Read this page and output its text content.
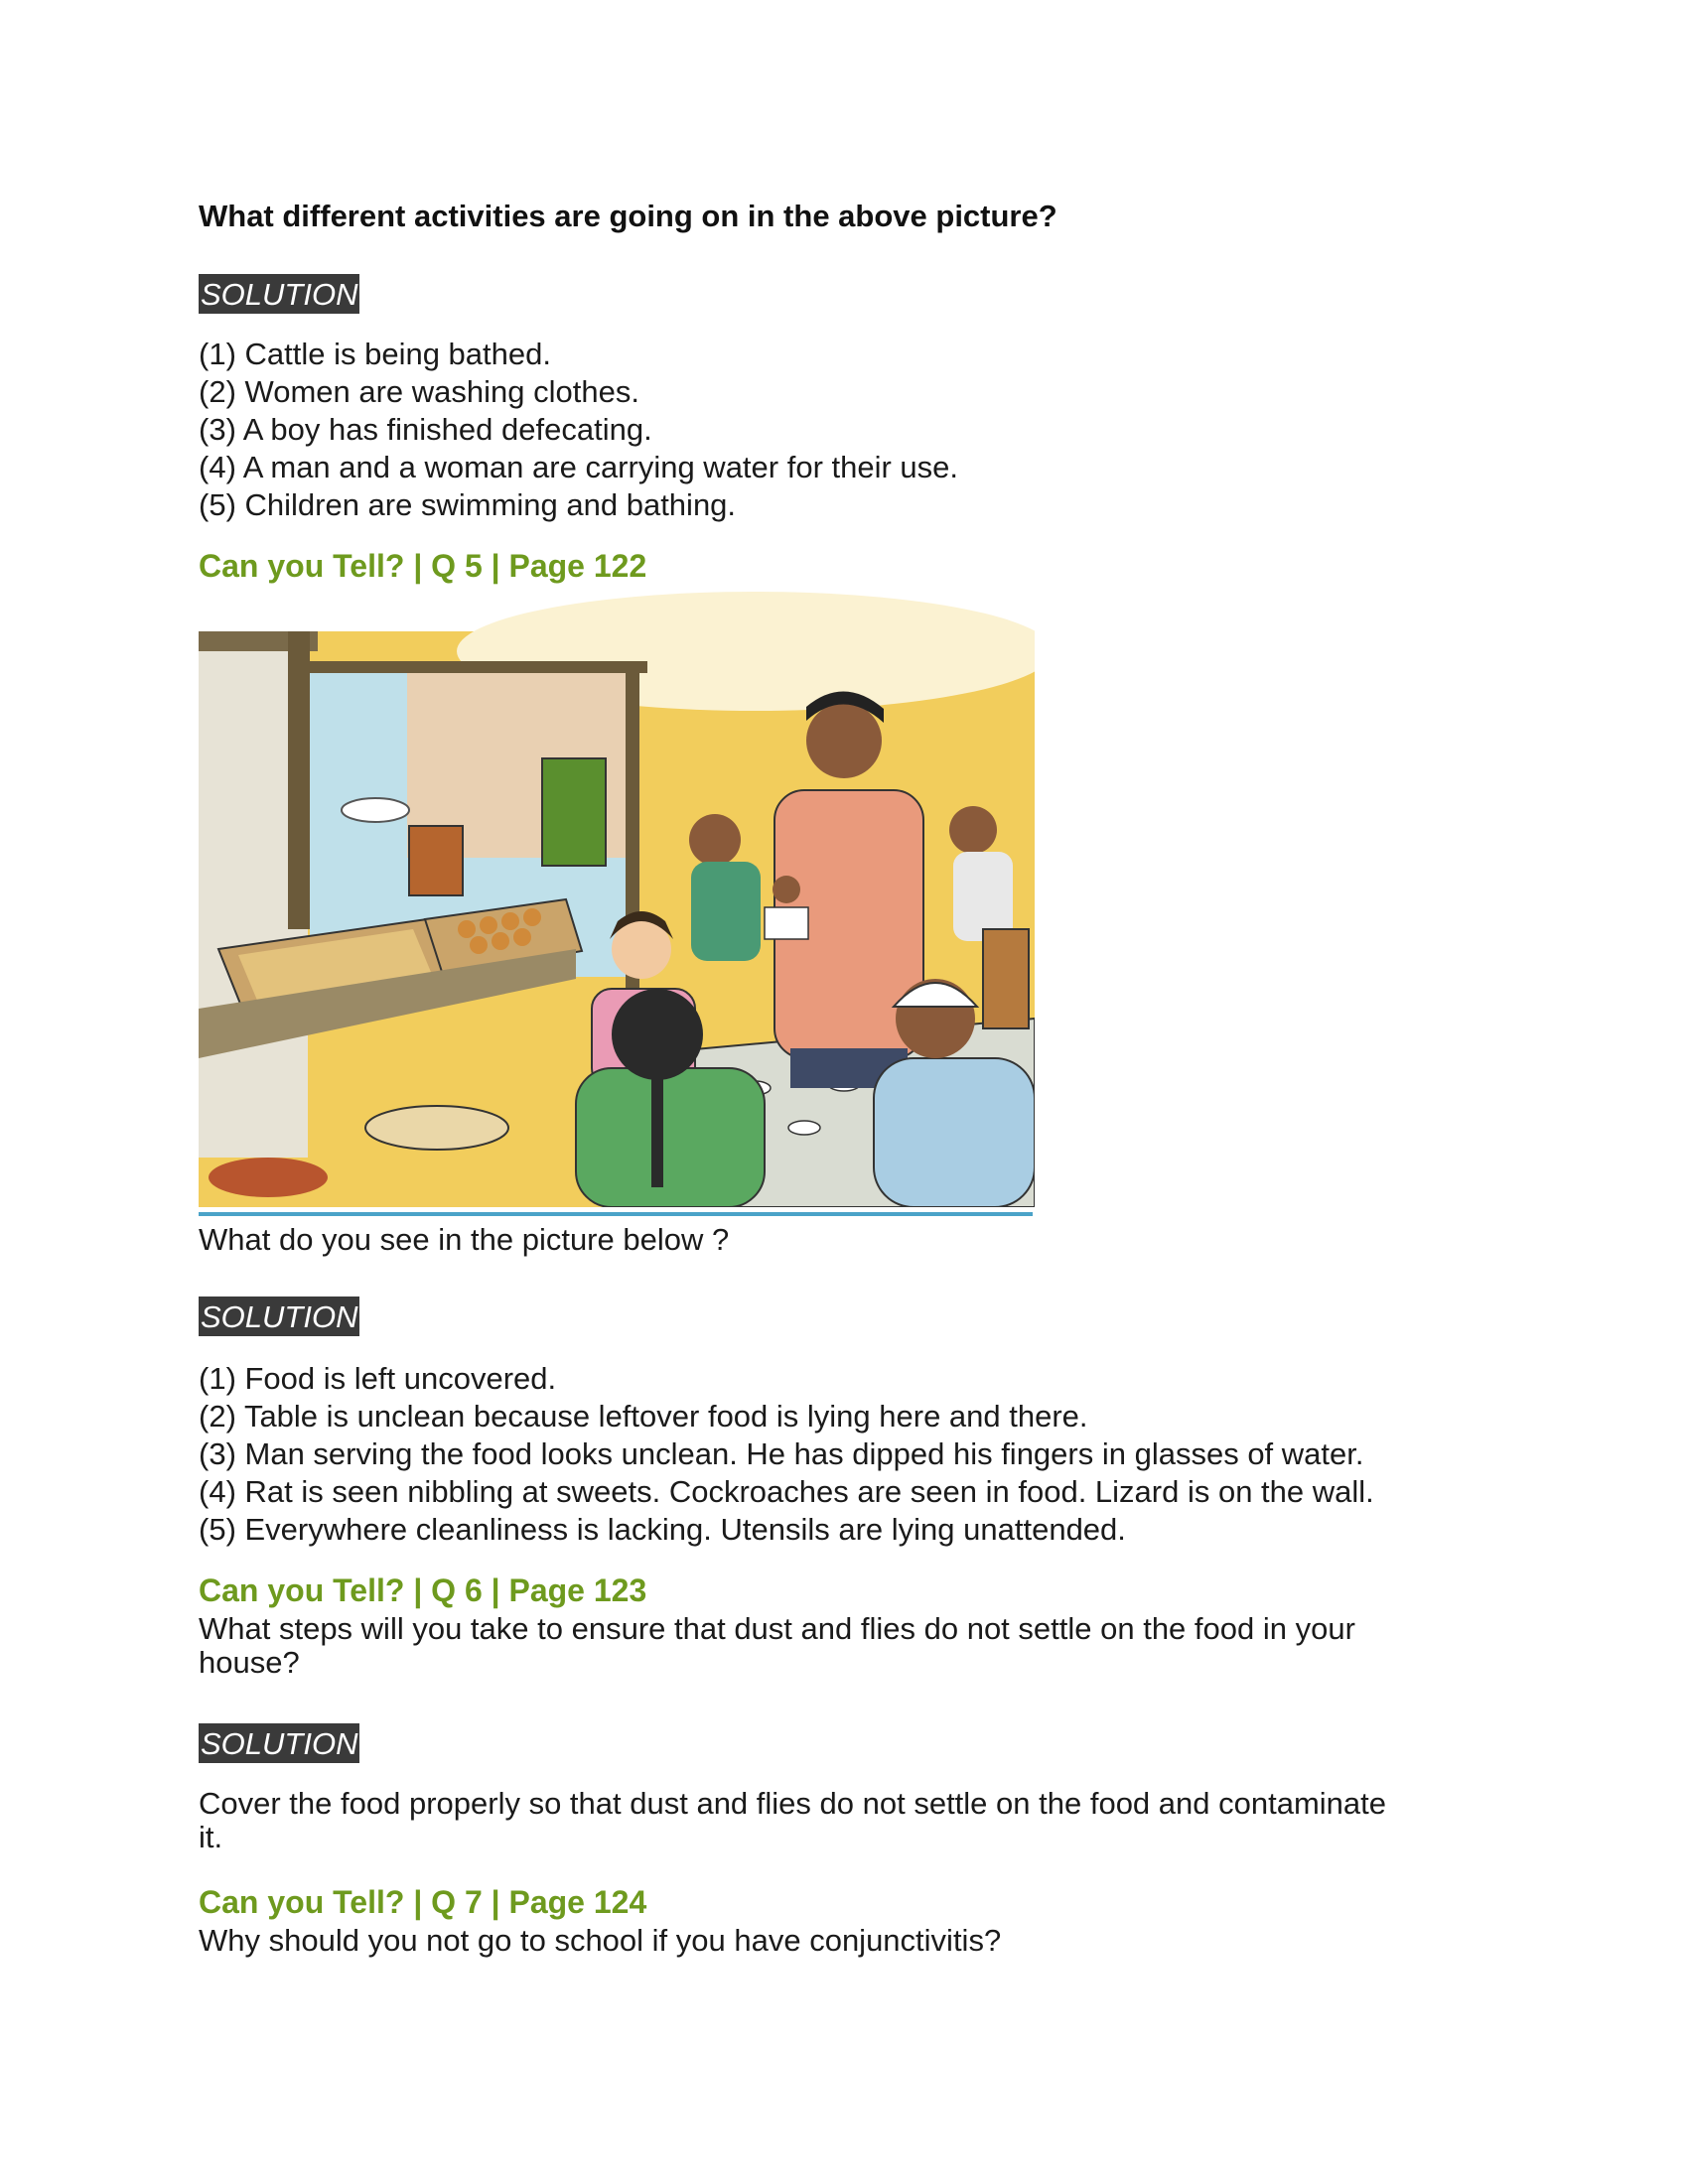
What different activities are going on in the above picture?
SOLUTION
(1) Cattle is being bathed.
(2) Women are washing clothes.
(3) A boy has finished defecating.
(4) A man and a woman are carrying water for their use.
(5) Children are swimming and bathing.
Can you Tell? | Q 5 | Page 122
What do you see in the picture below ?
SOLUTION
(1) Food is left uncovered.
(2) Table is unclean because leftover food is lying here and there.
(3) Man serving the food looks unclean. He has dipped his fingers in glasses of water.
(4) Rat is seen nibbling at sweets. Cockroaches are seen in food. Lizard is on the wall.
(5) Everywhere cleanliness is lacking. Utensils are lying unattended.
Can you Tell? | Q 6 | Page 123
What steps will you take to ensure that dust and flies do not settle on the food in your
house?
SOLUTION
Cover the food properly so that dust and flies do not settle on the food and contaminate
it.
Can you Tell? | Q 7 | Page 124
Why should you not go to school if you have conjunctivitis?
